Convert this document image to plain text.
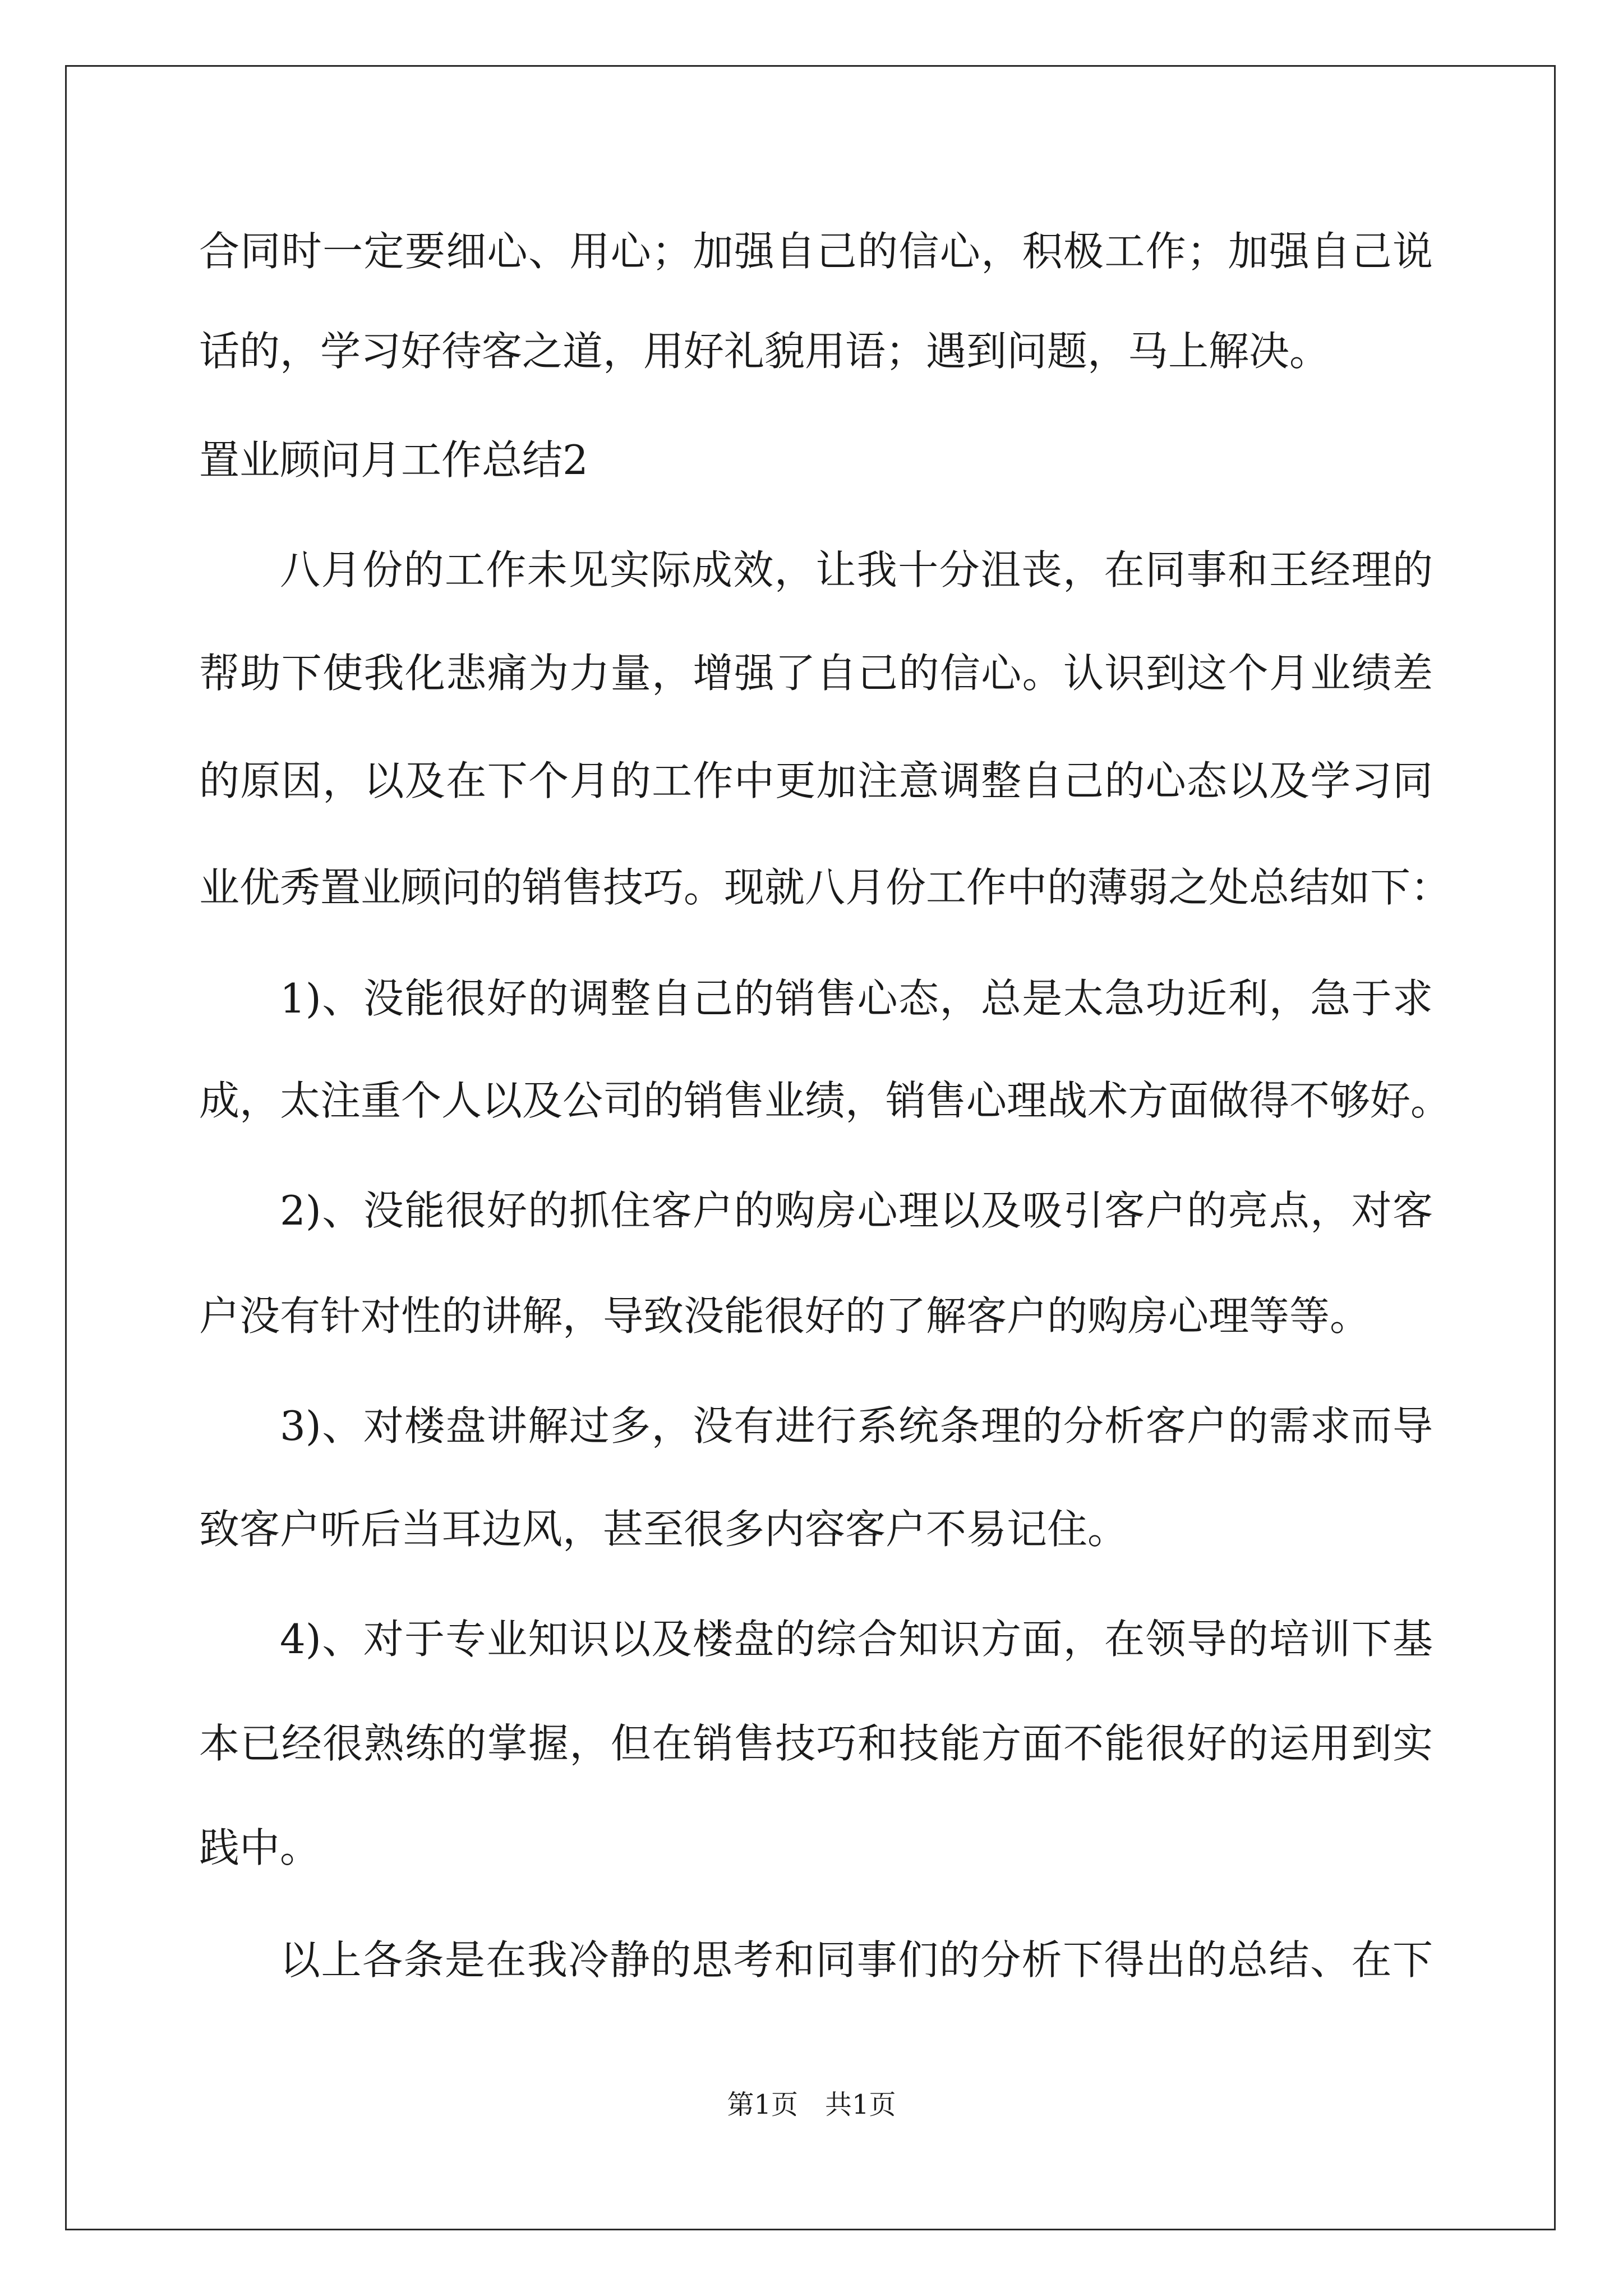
合同时一定要细心、用心；加强自己的信心，积极工作；加强自己说
话的，学习好待客之道，用好礼貌用语；遇到问题，马上解决。
置业顾问月工作总结2
八月份的工作未见实际成效，让我十分沮丧，在同事和王经理的
帮助下使我化悲痛为力量，增强了自己的信心。认识到这个月业绩差
的原因，以及在下个月的工作中更加注意调整自己的心态以及学习同
业优秀置业顾问的销售技巧。现就八月份工作中的薄弱之处总结如下：
1)、没能很好的调整自己的销售心态，总是太急功近利，急于求
成，太注重个人以及公司的销售业绩，销售心理战术方面做得不够好。
2)、没能很好的抓住客户的购房心理以及吸引客户的亮点，对客
户没有针对性的讲解，导致没能很好的了解客户的购房心理等等。
3)、对楼盘讲解过多，没有进行系统条理的分析客户的需求而导
致客户听后当耳边风，甚至很多内容客户不易记住。
4)、对于专业知识以及楼盘的综合知识方面，在领导的培训下基
本已经很熟练的掌握，但在销售技巧和技能方面不能很好的运用到实
践中。
以上各条是在我冷静的思考和同事们的分析下得出的总结、在下
第1页　共1页
